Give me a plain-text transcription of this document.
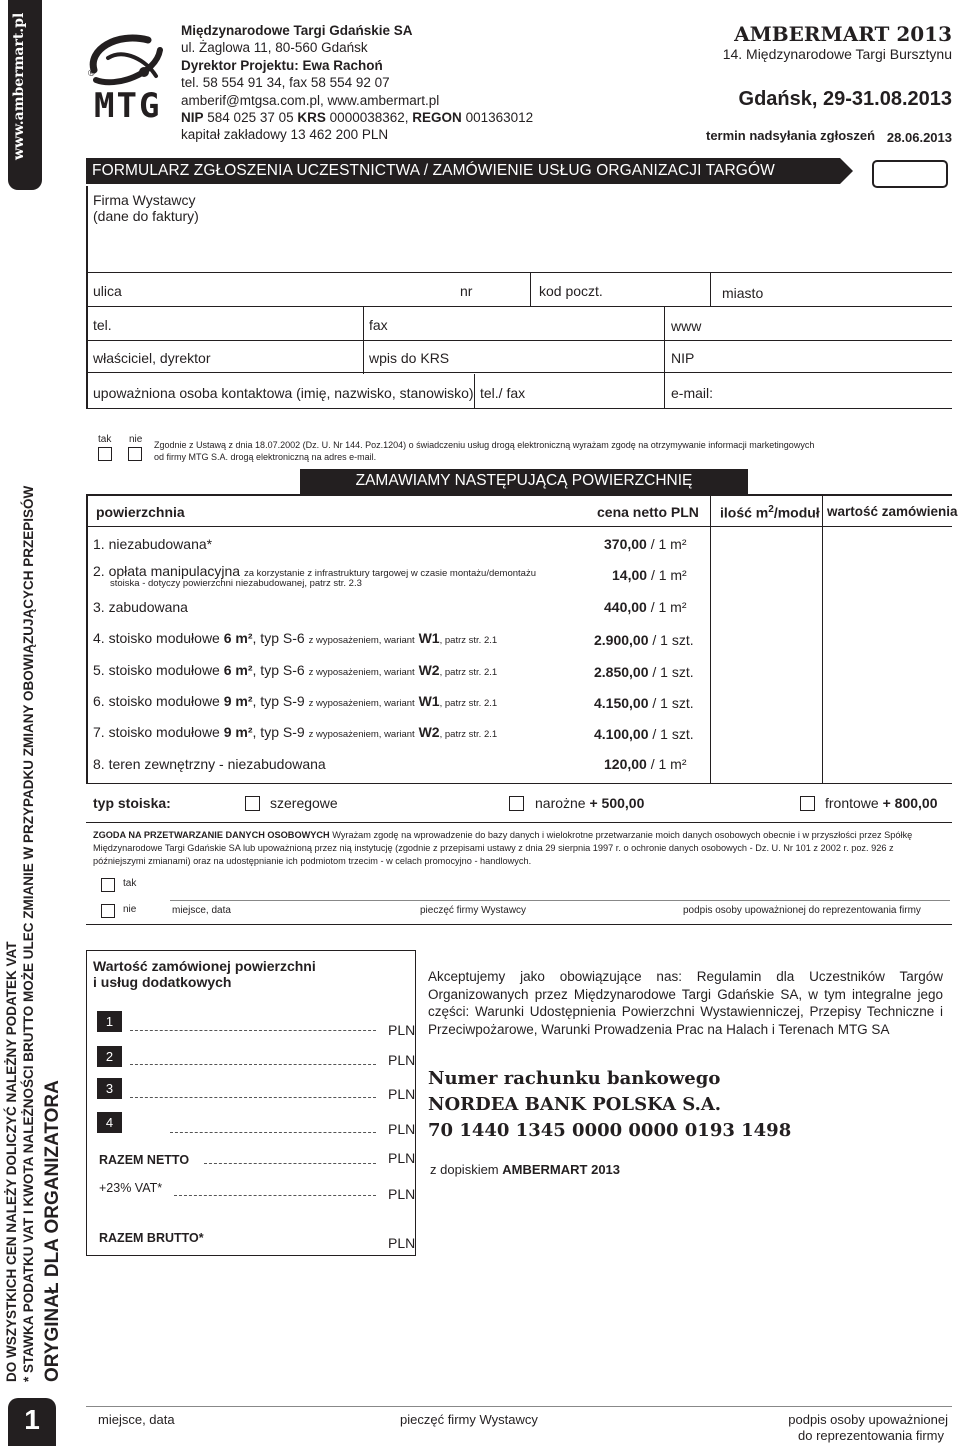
www.ambermart.pl
DO WSZYSTKICH CEN NALEŻY DOLICZYĆ NALEŻNY PODATEK VAT * STAWKA PODATKU VAT I KWOTA NALEŻNOŚCI BRUTTO MOŻE ULEC ZMIANIE W PRZYPADKU ZMIANY OBOWIĄZUJĄCYCH PRZEPISÓW ORYGINAŁ DLA ORGANIZATORA
1
®
MTG
Międzynarodowe Targi Gdańskie SA
ul. Żaglowa 11, 80-560 Gdańsk
Dyrektor Projektu: Ewa Rachoń
tel. 58 554 91 34, fax 58 554 92 07
amberif@mtgsa.com.pl, www.ambermart.pl
NIP 584 025 37 05 KRS 0000038362, REGON 001363012
kapitał zakładowy 13 462 200 PLN
AMBERMART 2013
14. Międzynarodowe Targi Bursztynu
Gdańsk, 29-31.08.2013
termin nadsyłania zgłoszeń 28.06.2013
FORMULARZ ZGŁOSZENIA UCZESTNICTWA / ZAMÓWIENIE USŁUG ORGANIZACJI TARGÓW
Firma Wystawcy
(dane do faktury)
ulica	nr	kod poczt.	miasto
tel.	fax	www
właściciel, dyrektor	wpis do KRS	NIP
upoważniona osoba kontaktowa (imię, nazwisko, stanowisko) tel./ fax	e-mail:
tak nie Zgodnie z Ustawą z dnia 18.07.2002 (Dz. U. Nr 144. Poz.1204) o świadczeniu usług drogą elektroniczną wyrażam zgodę na otrzymywanie informacji marketingowych
od firmy MTG S.A. drogą elektroniczną na adres e-mail.
ZAMAWIAMY NASTĘPUJĄCĄ POWIERZCHNIĘ
powierzchnia	cena netto PLN ilość $m^2$/moduł wartość zamówienia
1. niezabudowana*	370,00 / 1 m²
2. opłata manipulacyjna za korzystanie z infrastruktury targowej w czasie montażu/demontażu
stoiska - dotyczy powierzchni niezabudowanej, patrz str. 2.3
14,00 / 1 m²
3. zabudowana	440,00 / 1 m²
4. stoisko modułowe 6 m², typ S-6 z wyposażeniem, wariant W1, patrz str. 2.1	2.900,00 / 1 szt.
5. stoisko modułowe 6 m², typ S-6 z wyposażeniem, wariant W2, patrz str. 2.1	2.850,00 / 1 szt.
6. stoisko modułowe 9 m², typ S-9 z wyposażeniem, wariant W1, patrz str. 2.1	4.150,00 / 1 szt.
7. stoisko modułowe 9 m², typ S-9 z wyposażeniem, wariant W2, patrz str. 2.1	4.100,00 / 1 szt.
8. teren zewnętrzny - niezabudowana	120,00 / 1 m²
typ stoiska:	szeregowe	narożne + 500,00	frontowe + 800,00
ZGODA NA PRZETWARZANIE DANYCH OSOBOWYCH Wyrażam zgodę na wprowadzenie do bazy danych i wielokrotne przetwarzanie moich danych osobowych obecnie i w przyszłości przez Spółkę Międzynarodowe Targi Gdańskie SA lub upoważnioną przez nią instytucję (zgodnie z przepisami ustawy z dnia 29 sierpnia 1997 r. o ochronie danych osobowych - Dz. U. Nr 101 z 2002 r. poz. 926 z późniejszymi zmianami) oraz na udostępnianie ich podmiotom trzecim - w celach promocyjno - handlowych.
tak
nie	miejsce, data	pieczęć firmy Wystawcy	podpis osoby upoważnionej do reprezentowania firmy
Wartość zamówionej powierzchni
i usług dodatkowych
1
PLN
2	PLN
3	PLN
4	PLN
RAZEM NETTO	PLN
+23% VAT*	PLN
RAZEM BRUTTO*	PLN
Akceptujemy jako obowiązujące nas: Regulamin dla Uczestników Targów Organizowanych przez Międzynarodowe Targi Gdańskie SA, w tym integralne jego części: Warunki Udostępnienia Powierzchni Wystawienniczej, Przepisy Techniczne i Przeciwpożarowe, Warunki Prowadzenia Prac na Halach i Terenach MTG SA
Numer rachunku bankowego
NORDEA BANK POLSKA S.A.
70 1440 1345 0000 0000 0193 1498
z dopiskiem AMBERMART 2013
miejsce, data	pieczęć firmy Wystawcy	podpis osoby upoważnionej
do reprezentowania firmy
